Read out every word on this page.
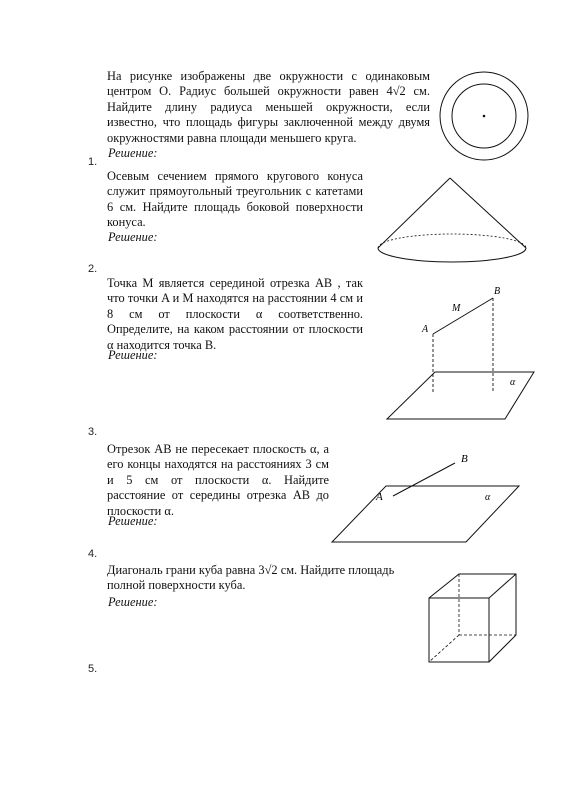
На рисунке изображены две окружности с одинаковым центром O. Радиус большей окружности равен 4√2 см. Найдите длину радиуса меньшей окружности, если известно, что площадь фигуры заключенной между двумя окружностями равна площади меньшего круга.

Решение:
1.

Осевым сечением прямого кругового конуса служит прямоугольный треугольник с катетами 6 см. Найдите площадь боковой поверхности конуса.

Решение:
2.

Точка M является серединой отрезка AB , так что точки A и M находятся на расстоянии 4 см и 8 см от плоскости α соответственно. Определите, на каком расстоянии от плоскости α находится точка B.

Решение:
A
M
B
α
3.

Отрезок AB не пересекает плоскость α, а его концы находятся на расстояниях 3 см и 5 см от плоскости α. Найдите расстояние от середины отрезка AB до плоскости α.

Решение:
A
B
α
4.

Диагональ грани куба равна 3√2 см. Найдите площадь полной поверхности куба.

Решение:
5.
